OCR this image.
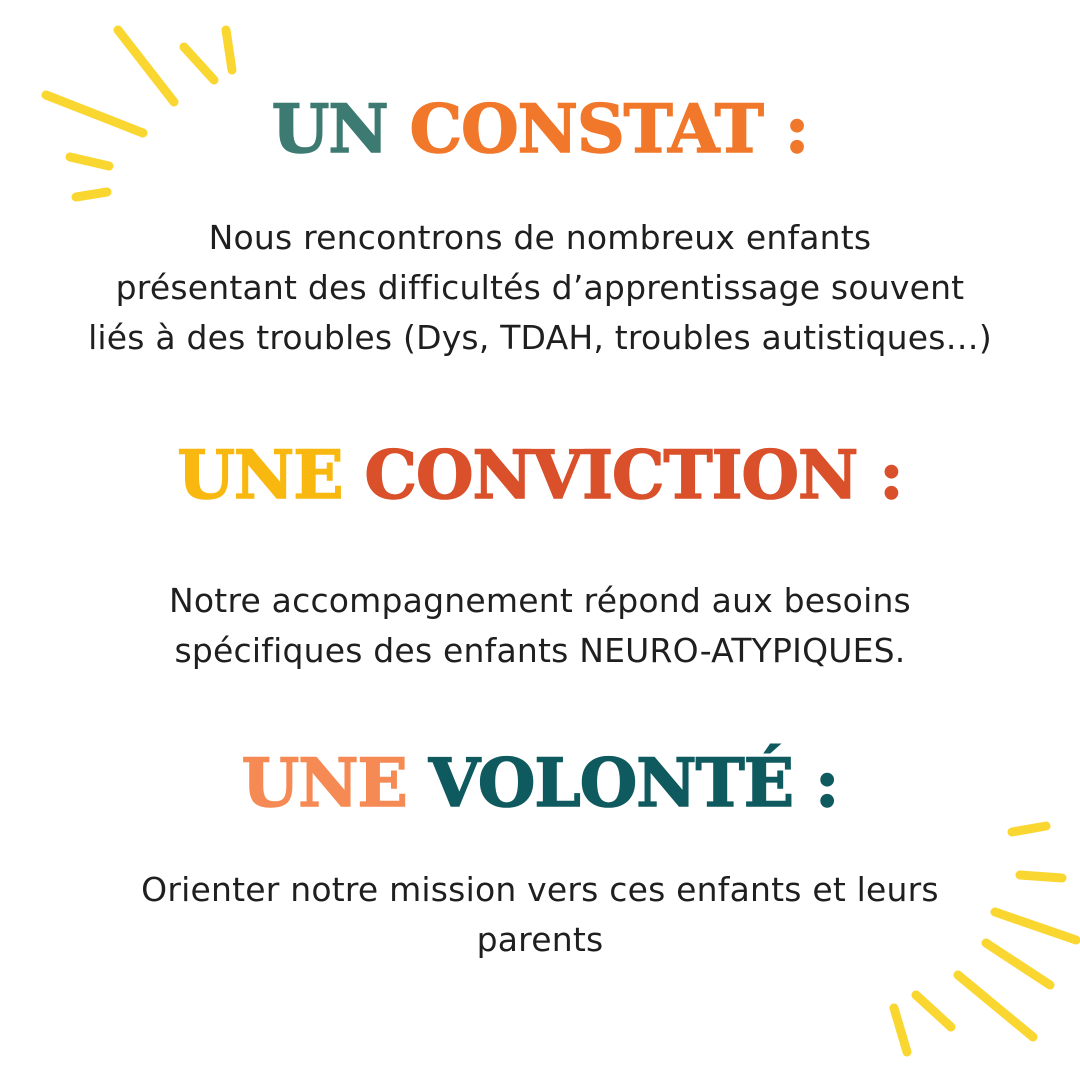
UN CONSTAT :
Nous rencontrons de nombreux enfants
présentant des difficultés d’apprentissage souvent
liés à des troubles (Dys, TDAH, troubles autistiques…)
UNE CONVICTION :
Notre accompagnement répond aux besoins
spécifiques des enfants NEURO-ATYPIQUES.
UNE VOLONTÉ :
Orienter notre mission vers ces enfants et leurs
parents
